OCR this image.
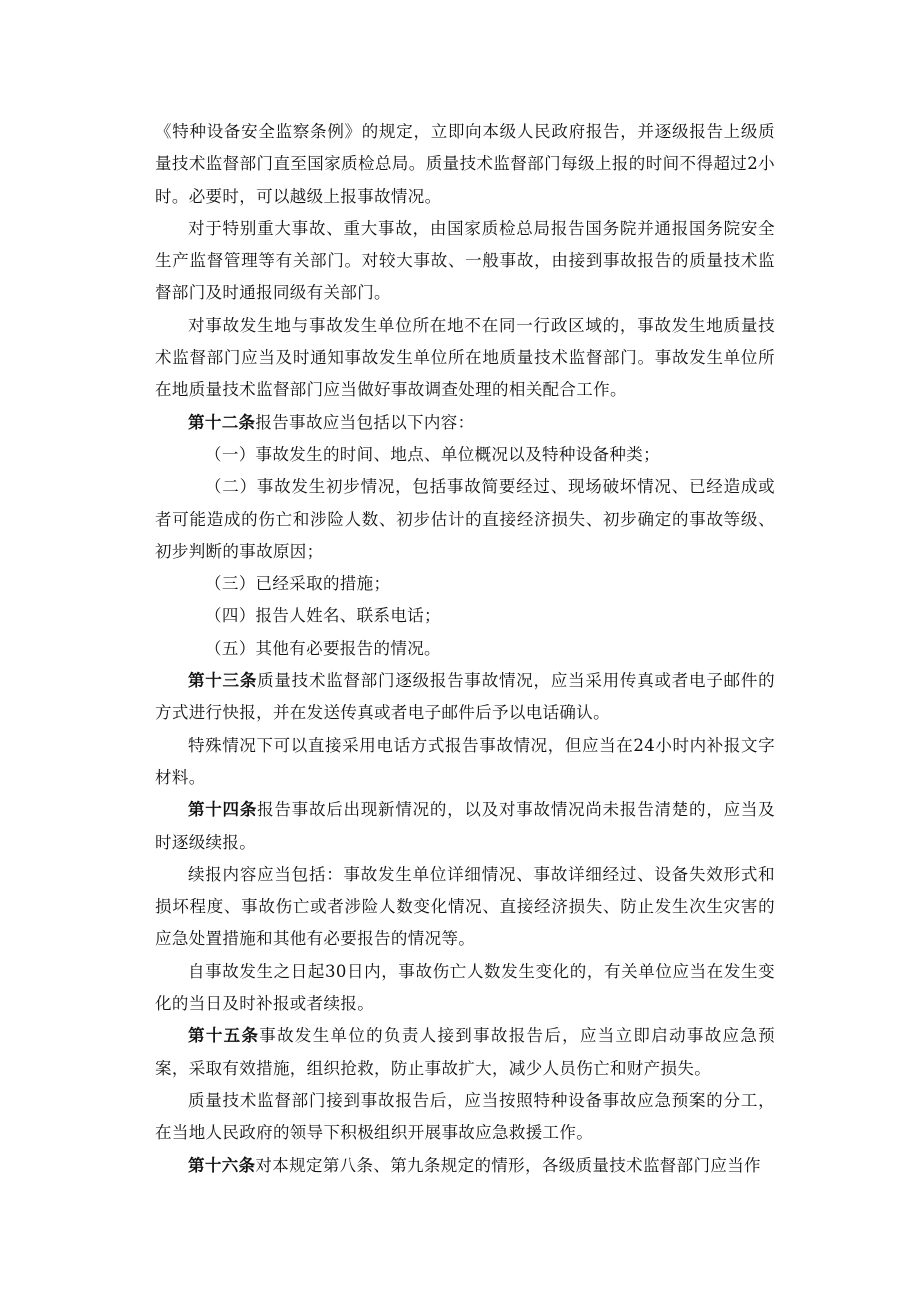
《特种设备安全监察条例》的规定，立即向本级人民政府报告，并逐级报告上级质量技术监督部门直至国家质检总局。质量技术监督部门每级上报的时间不得超过2小时。必要时，可以越级上报事故情况。

对于特别重大事故、重大事故，由国家质检总局报告国务院并通报国务院安全生产监督管理等有关部门。对较大事故、一般事故，由接到事故报告的质量技术监督部门及时通报同级有关部门。

对事故发生地与事故发生单位所在地不在同一行政区域的，事故发生地质量技术监督部门应当及时通知事故发生单位所在地质量技术监督部门。事故发生单位所在地质量技术监督部门应当做好事故调查处理的相关配合工作。

第十二条报告事故应当包括以下内容：

（一）事故发生的时间、地点、单位概况以及特种设备种类；

（二）事故发生初步情况，包括事故简要经过、现场破坏情况、已经造成或者可能造成的伤亡和涉险人数、初步估计的直接经济损失、初步确定的事故等级、初步判断的事故原因；

（三）已经采取的措施；

（四）报告人姓名、联系电话；

（五）其他有必要报告的情况。

第十三条质量技术监督部门逐级报告事故情况，应当采用传真或者电子邮件的方式进行快报，并在发送传真或者电子邮件后予以电话确认。

特殊情况下可以直接采用电话方式报告事故情况，但应当在24小时内补报文字材料。

第十四条报告事故后出现新情况的，以及对事故情况尚未报告清楚的，应当及时逐级续报。

续报内容应当包括：事故发生单位详细情况、事故详细经过、设备失效形式和损坏程度、事故伤亡或者涉险人数变化情况、直接经济损失、防止发生次生灾害的应急处置措施和其他有必要报告的情况等。

自事故发生之日起30日内，事故伤亡人数发生变化的，有关单位应当在发生变化的当日及时补报或者续报。

第十五条事故发生单位的负责人接到事故报告后，应当立即启动事故应急预案，采取有效措施，组织抢救，防止事故扩大，减少人员伤亡和财产损失。

质量技术监督部门接到事故报告后，应当按照特种设备事故应急预案的分工，在当地人民政府的领导下积极组织开展事故应急救援工作。

第十六条对本规定第八条、第九条规定的情形，各级质量技术监督部门应当作
